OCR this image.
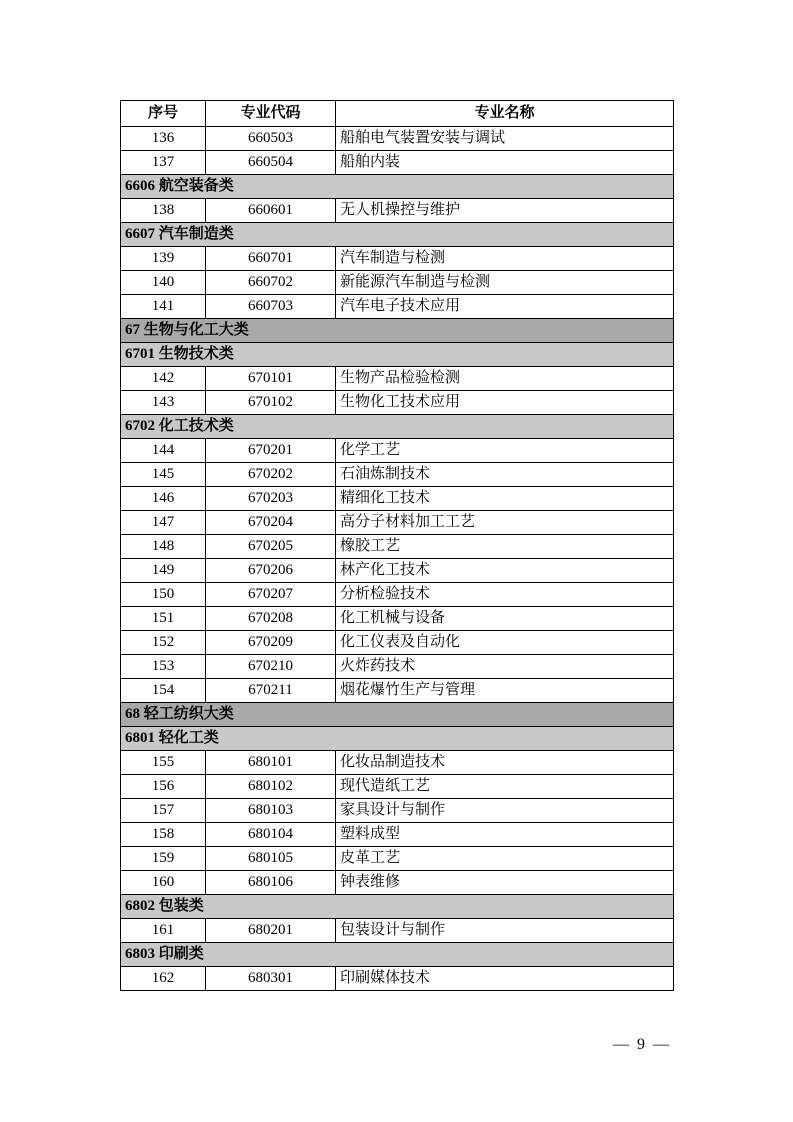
序号	专业代码	专业名称
136	660503	船舶电气装置安装与调试
137	660504	船舶内装
6606 航空装备类		
138	660601	无人机操控与维护
6607 汽车制造类		
139	660701	汽车制造与检测
140	660702	新能源汽车制造与检测
141	660703	汽车电子技术应用
67 生物与化工大类		
6701 生物技术类		
142	670101	生物产品检验检测
143	670102	生物化工技术应用
6702 化工技术类		
144	670201	化学工艺
145	670202	石油炼制技术
146	670203	精细化工技术
147	670204	高分子材料加工工艺
148	670205	橡胶工艺
149	670206	林产化工技术
150	670207	分析检验技术
151	670208	化工机械与设备
152	670209	化工仪表及自动化
153	670210	火炸药技术
154	670211	烟花爆竹生产与管理
68 轻工纺织大类		
6801 轻化工类		
155	680101	化妆品制造技术
156	680102	现代造纸工艺
157	680103	家具设计与制作
158	680104	塑料成型
159	680105	皮革工艺
160	680106	钟表维修
6802 包装类		
161	680201	包装设计与制作
6803 印刷类		
162	680301	印刷媒体技术
— 9 —
